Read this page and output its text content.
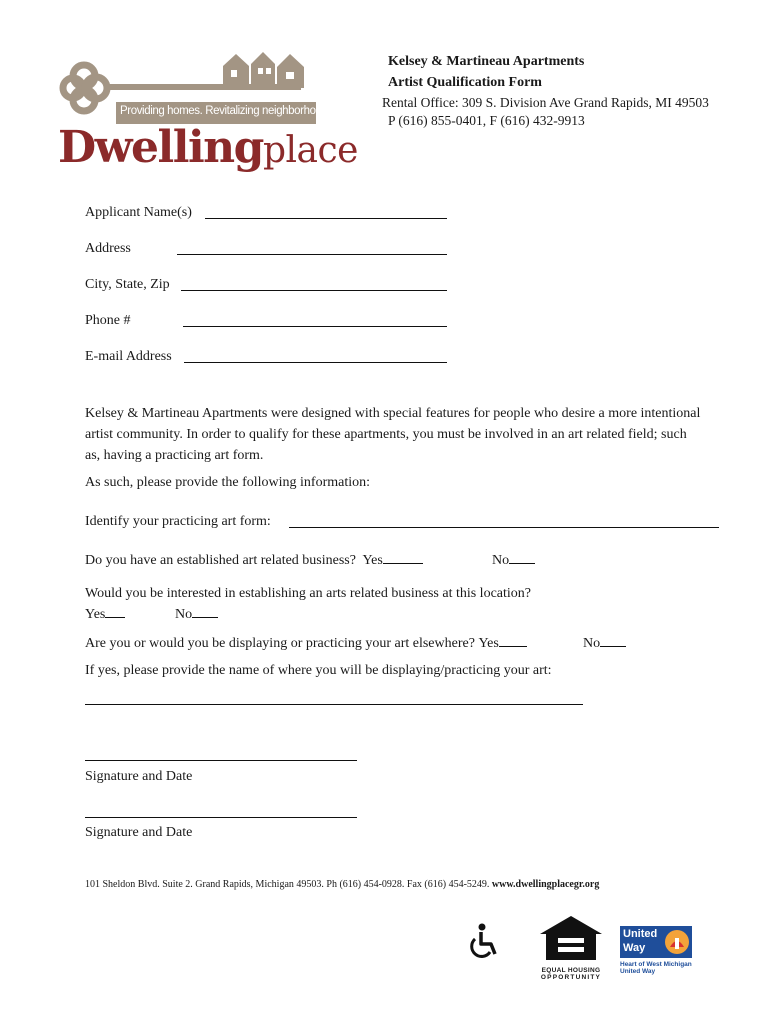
Providing homes. Revitalizing neighborhoods.
Dwellingplace
Kelsey & Martineau Apartments
Artist Qualification Form
Rental Office: 309 S. Division Ave Grand Rapids, MI 49503
P (616) 855-0401, F (616) 432-9913
Applicant Name(s)
Address
City, State, Zip
Phone #
E-mail Address
Kelsey & Martineau Apartments were designed with special features for people who desire a more intentional artist community. In order to qualify for these apartments, you must be involved in an art related field; such as, having a practicing art form.
As such, please provide the following information:
Identify your practicing art form:
Do you have an established art related business? Yes	No
Would you be interested in establishing an arts related business at this location?
Yes	No
Are you or would you be displaying or practicing your art elsewhere? Yes	No
If yes, please provide the name of where you will be displaying/practicing your art:
Signature and Date
Signature and Date
101 Sheldon Blvd. Suite 2. Grand Rapids, Michigan 49503. Ph (616) 454-0928. Fax (616) 454-5249. www.dwellingplacegr.org
EQUAL HOUSING
OPPORTUNITY
United
Way
Heart of West Michigan
United Way
